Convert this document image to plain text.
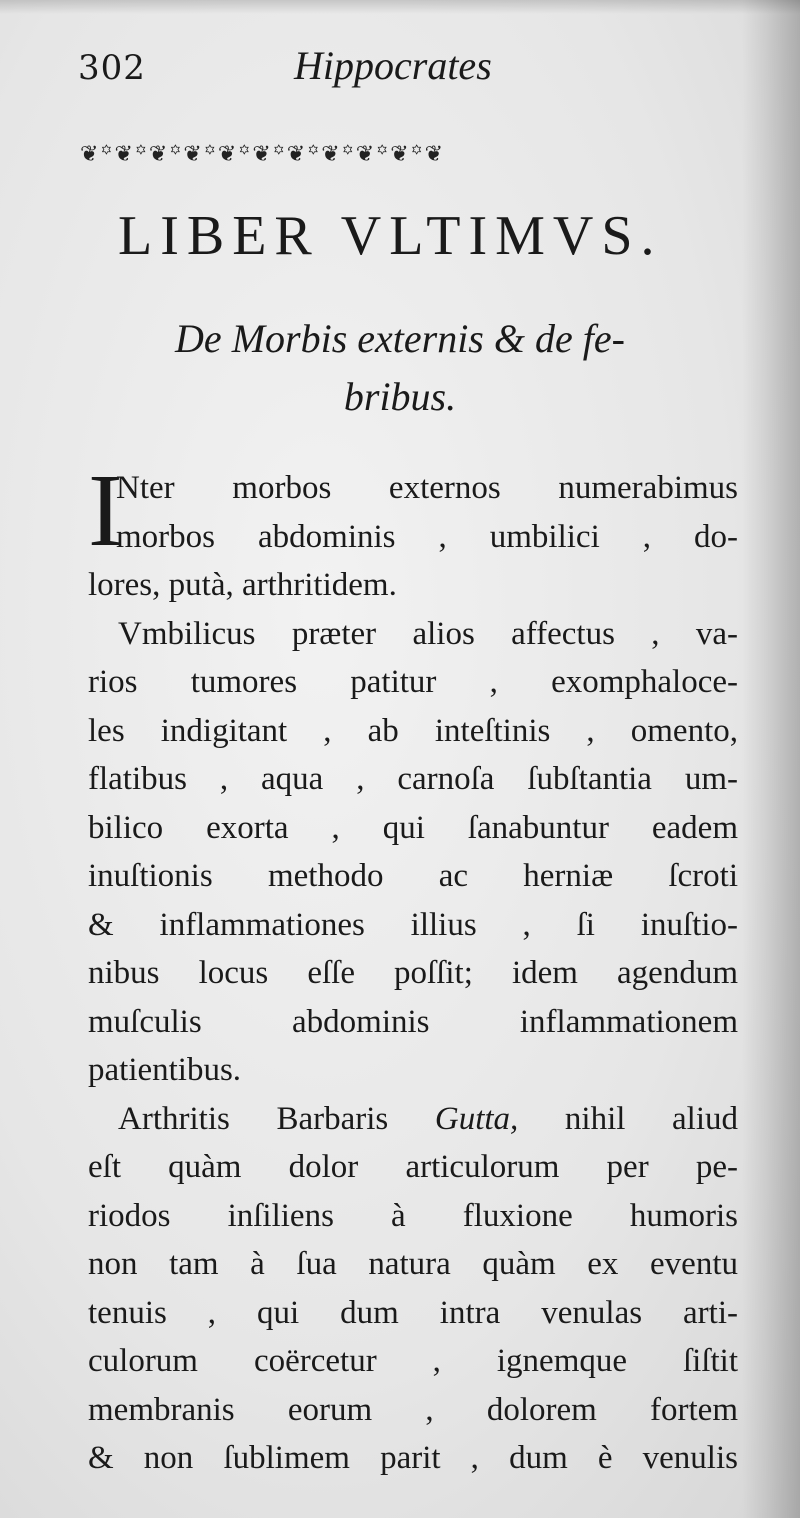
302	Hippocrates
❦꙳❦꙳❦꙳❦꙳❦꙳❦꙳❦꙳❦꙳❦꙳❦꙳❦
LIBER VLTIMVS.
De Morbis externis & de fe-
bribus.
I
Nter morbos externos numerabimus
morbos abdominis , umbilici , do-
lores, putà, arthritidem.
Vmbilicus præter alios affectus , va-
rios tumores patitur , exomphaloce-
les indigitant , ab inteſtinis , omento,
flatibus , aqua , carnoſa ſubſtantia um-
bilico exorta , qui ſanabuntur eadem
inuſtionis methodo ac herniæ ſcroti
& inflammationes illius , ſi inuſtio-
nibus locus eſſe poſſit; idem agendum
muſculis abdominis inflammationem
patientibus.
Arthritis Barbaris Gutta, nihil aliud
eſt quàm dolor articulorum per pe-
riodos inſiliens à fluxione humoris
non tam à ſua natura quàm ex eventu
tenuis , qui dum intra venulas arti-
culorum coërcetur , ignemque ſiſtit
membranis eorum , dolorem fortem
& non ſublimem parit , dum è venulis
